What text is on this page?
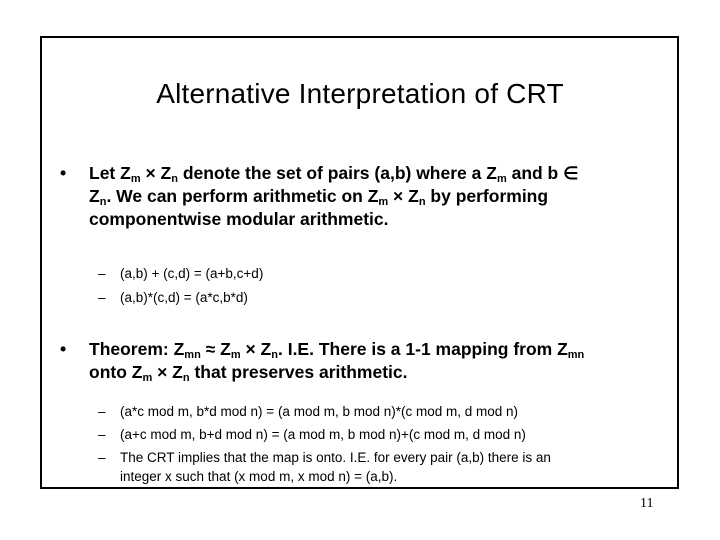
Alternative Interpretation of CRT
• Let $Z_m \times Z_n$ denote the set of pairs (a,b) where a $Z_m$ and b ∈
$Z_n$. We can perform arithmetic on $Z_m \times Z_n$ by performing
componentwise modular arithmetic.
– (a,b) + (c,d) = (a+b,c+d)
– (a,b)*(c,d) = (a*c,b*d)
• Theorem: $Z_{mn} \approx Z_m \times Z_n$. I.E. There is a 1-1 mapping from $Z_{mn}$
onto $Z_m \times Z_n$ that preserves arithmetic.
– (a*c mod m, b*d mod n) = (a mod m, b mod n)*(c mod m, d mod n)
– (a+c mod m, b+d mod n) = (a mod m, b mod n)+(c mod m, d mod n)
– The CRT implies that the map is onto. I.E. for every pair (a,b) there is an
integer x such that (x mod m, x mod n) = (a,b).
11
